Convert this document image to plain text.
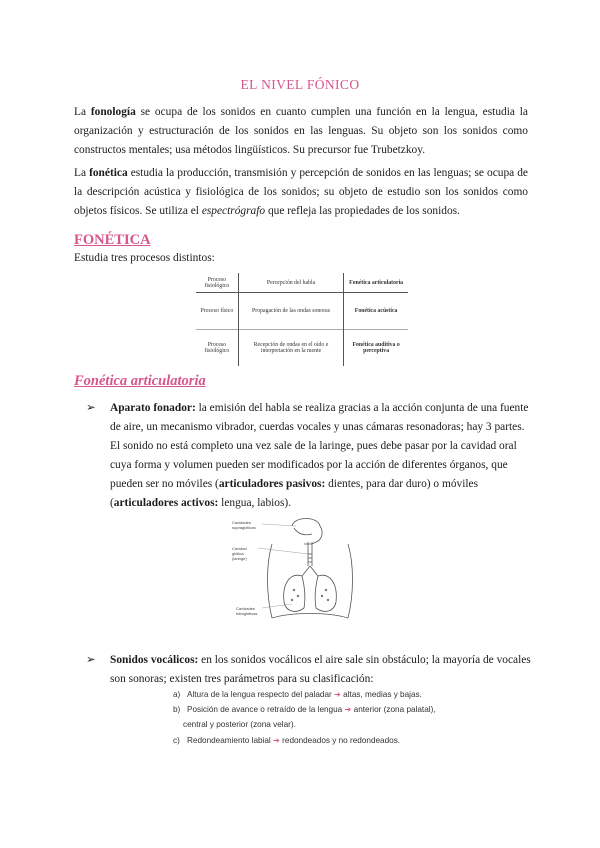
EL NIVEL FÓNICO

La fonología se ocupa de los sonidos en cuanto cumplen una función en la lengua, estudia la organización y estructuración de los sonidos en las lenguas. Su objeto son los sonidos como constructos mentales; usa métodos lingüísticos. Su precursor fue Trubetzkoy.

La fonética estudia la producción, transmisión y percepción de sonidos en las lenguas; se ocupa de la descripción acústica y fisiológica de los sonidos; su objeto de estudio son los sonidos como objetos físicos. Se utiliza el espectrógrafo que refleja las propiedades de los sonidos.

FONÉTICA

Estudia tres procesos distintos:

Proceso fisiológico	Percepción del habla	Fonética articulatoria
Proceso físico	Propagación de las ondas sonoras	Fonética acústica
Proceso fisiológico	Recepción de ondas en el oído e interpretación en la mente	Fonética auditiva o perceptiva
Fonética articulatoria

➢	Aparato fonador: la emisión del habla se realiza gracias a la acción conjunta de una fuente de aire, un mecanismo vibrador, cuerdas vocales y unas cámaras resonadoras; hay 3 partes. El sonido no está completo una vez sale de la laringe, pues debe pasar por la cavidad oral cuya forma y volumen pueden ser modificados por la acción de diferentes órganos, que pueden ser no móviles (articuladores pasivos: dientes, para dar duro) o móviles (articuladores activos: lengua, labios).

Cavidades supraglóticas
Cavidad glótica (laringe)
Cavidades infraglóticas

➢	Sonidos vocálicos: en los sonidos vocálicos el aire sale sin obstáculo; la mayoría de vocales son sonoras; existen tres parámetros para su clasificación:

a) Altura de la lengua respecto del paladar ➔ altas, medias y bajas.

b) Posición de avance o retraído de la lengua ➔ anterior (zona palatal),

central y posterior (zona velar).

c) Redondeamiento labial ➔ redondeados y no redondeados.
